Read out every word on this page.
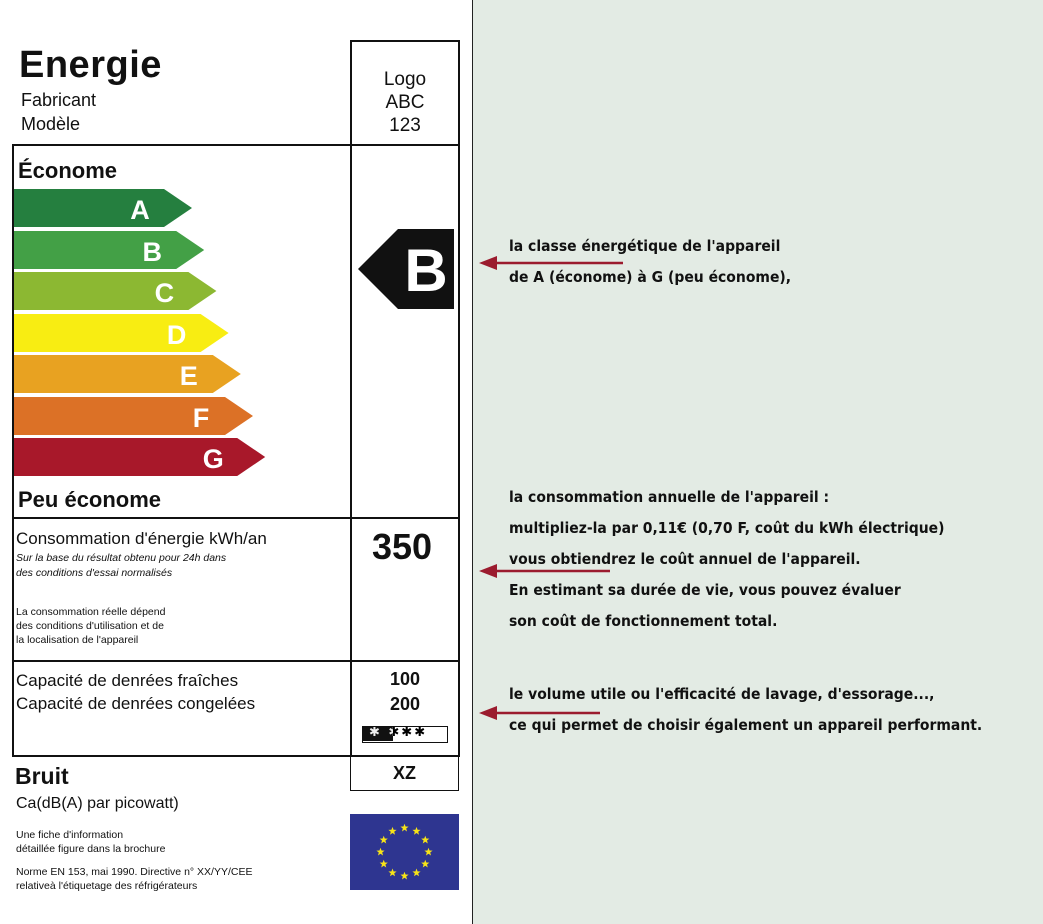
Energie
Fabricant
Modèle
Logo
ABC
123
Économe
A
B
C
D
E
F
G
Peu économe
B
Consommation d'énergie kWh/an
Sur la base du résultat obtenu pour 24h dans
des conditions d'essai normalisés
La consommation réelle dépend
des conditions d'utilisation et de
la localisation de l'appareil
350
Capacité de denrées fraîches
Capacité de denrées congelées
100
200
✱ ✱✱✱
Bruit
Ca(dB(A) par picowatt)
XZ
Une fiche d'information
détaillée figure dans la brochure
Norme EN 153, mai 1990. Directive n° XX/YY/CEE
relativeà l'étiquetage des réfrigérateurs
la classe énergétique de l'appareil
de A (économe) à G (peu économe),
la consommation annuelle de l'appareil :
multipliez-la par 0,11€ (0,70 F, coût du kWh électrique)
vous obtiendrez le coût annuel de l'appareil.
En estimant sa durée de vie, vous pouvez évaluer
son coût de fonctionnement total.
le volume utile ou l'efficacité de lavage, d'essorage...,
ce qui permet de choisir également un appareil performant.
